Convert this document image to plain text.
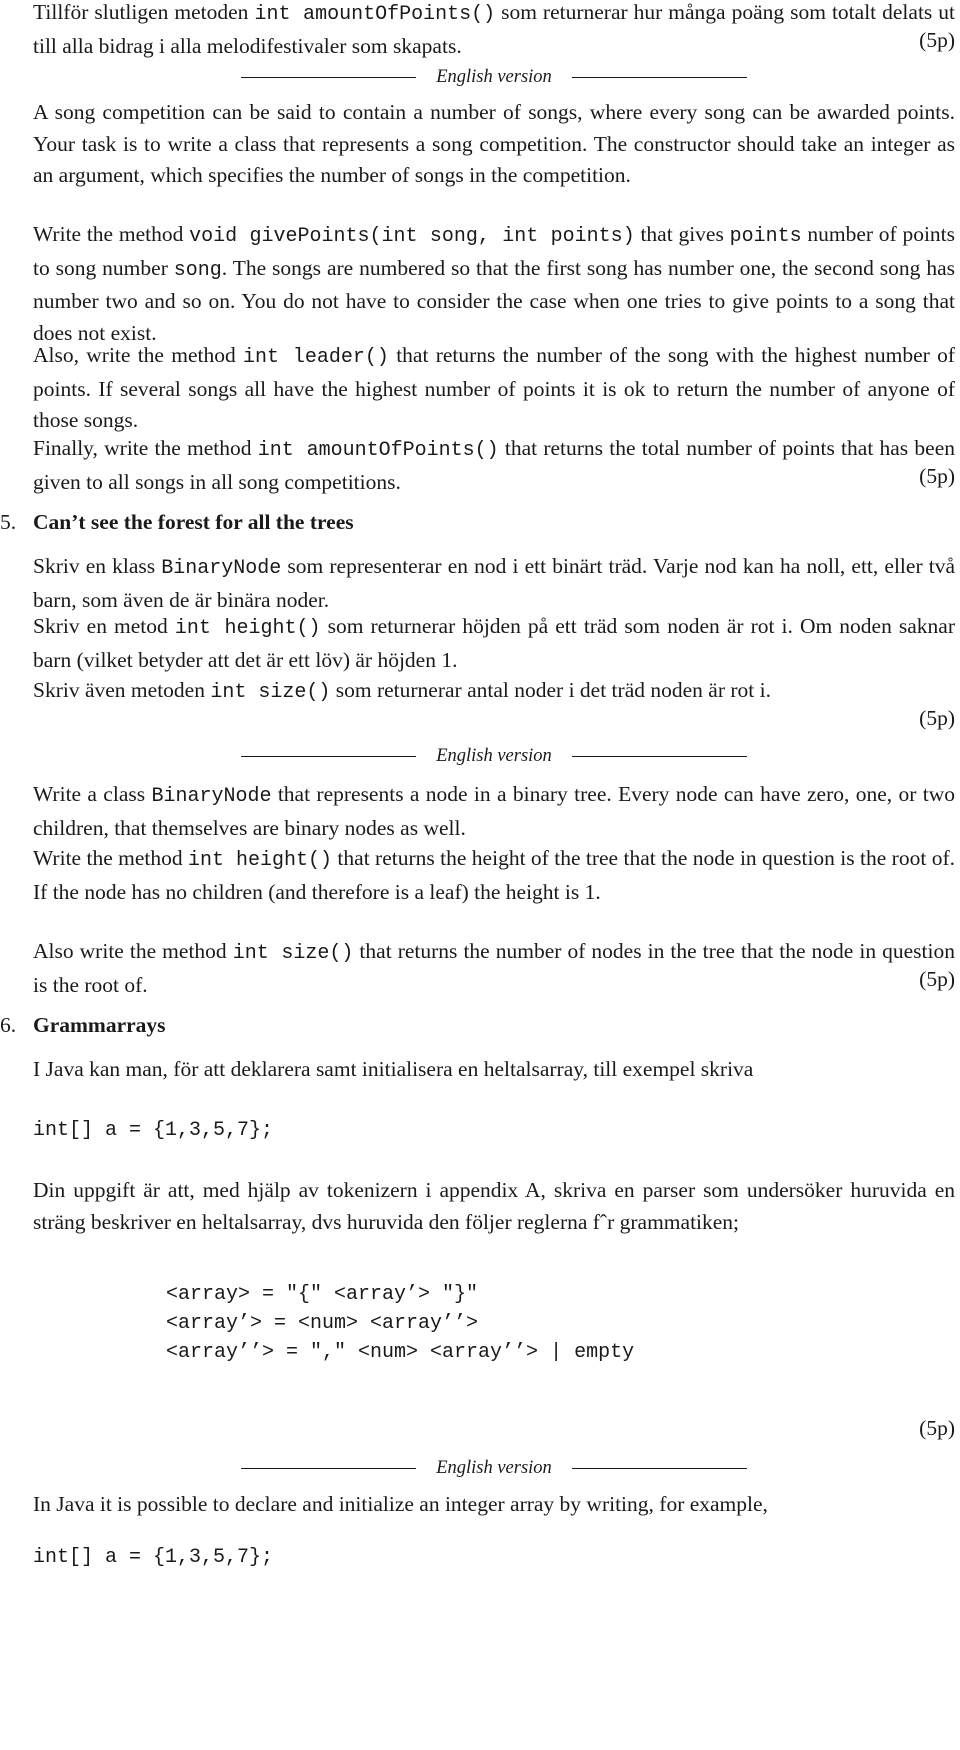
Tillför slutligen metoden int amountOfPoints() som returnerar hur många poäng som totalt delats ut till alla bidrag i alla melodifestivaler som skapats.	(5p)
English version

A song competition can be said to contain a number of songs, where every song can be awarded points. Your task is to write a class that represents a song competition. The constructor should take an integer as an argument, which specifies the number of songs in the competition.

Write the method void givePoints(int song, int points) that gives points number of points to song number song. The songs are numbered so that the first song has number one, the second song has number two and so on. You do not have to consider the case when one tries to give points to a song that does not exist.

Also, write the method int leader() that returns the number of the song with the highest number of points. If several songs all have the highest number of points it is ok to return the number of anyone of those songs.

Finally, write the method int amountOfPoints() that returns the total number of points that has been given to all songs in all song competitions.	(5p)
5. Can’t see the forest for all the trees

Skriv en klass BinaryNode som representerar en nod i ett binärt träd. Varje nod kan ha noll, ett, eller två barn, som även de är binära noder.

Skriv en metod int height() som returnerar höjden på ett träd som noden är rot i. Om noden saknar barn (vilket betyder att det är ett löv) är höjden 1.

Skriv även metoden int size() som returnerar antal noder i det träd noden är rot i.

(5p)
English version

Write a class BinaryNode that represents a node in a binary tree. Every node can have zero, one, or two children, that themselves are binary nodes as well.

Write the method int height() that returns the height of the tree that the node in question is the root of. If the node has no children (and therefore is a leaf) the height is 1.

Also write the method int size() that returns the number of nodes in the tree that the node in question is the root of.	(5p)
6. Grammarrays

I Java kan man, för att deklarera samt initialisera en heltalsarray, till exempel skriva

int[] a = {1,3,5,7};

Din uppgift är att, med hjälp av tokenizern i appendix A, skriva en parser som undersöker huruvida en sträng beskriver en heltalsarray, dvs huruvida den följer reglerna fˆr grammatiken;

<array> = "{" <array’> "}"
<array’> = <num> <array’’>
<array’’> = "," <num> <array’’> | empty
(5p)
English version

In Java it is possible to declare and initialize an integer array by writing, for example,

int[] a = {1,3,5,7};
